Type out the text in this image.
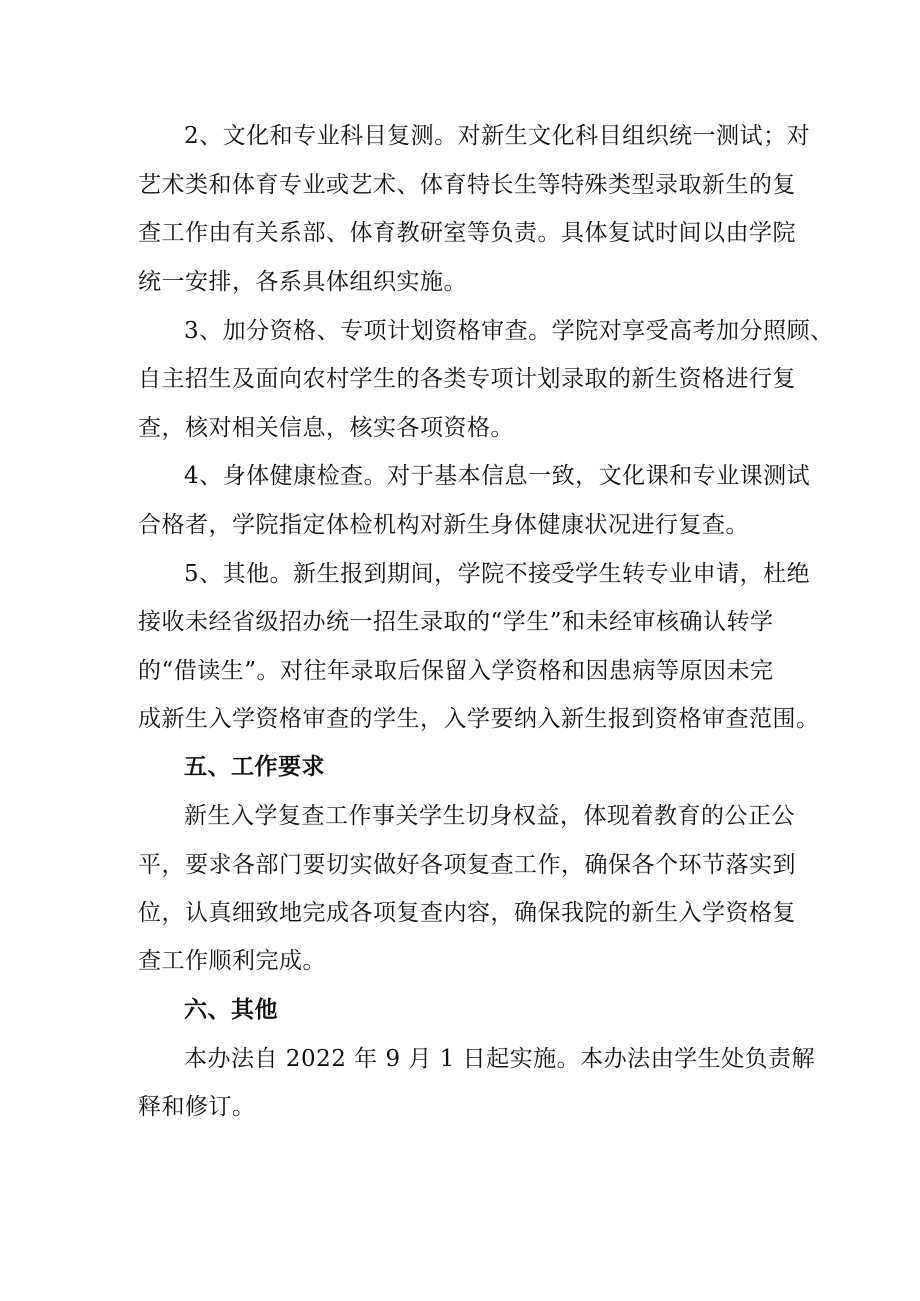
2、文化和专业科目复测。对新生文化科目组织统一测试；对
艺术类和体育专业或艺术、体育特长生等特殊类型录取新生的复
查工作由有关系部、体育教研室等负责。具体复试时间以由学院
统一安排，各系具体组织实施。
3、加分资格、专项计划资格审查。学院对享受高考加分照顾、
自主招生及面向农村学生的各类专项计划录取的新生资格进行复
查，核对相关信息，核实各项资格。
4、身体健康检查。对于基本信息一致，文化课和专业课测试
合格者，学院指定体检机构对新生身体健康状况进行复查。
5、其他。新生报到期间，学院不接受学生转专业申请，杜绝
接收未经省级招办统一招生录取的“学生”和未经审核确认转学
的“借读生”。对往年录取后保留入学资格和因患病等原因未完
成新生入学资格审查的学生，入学要纳入新生报到资格审查范围。
五、工作要求
新生入学复查工作事关学生切身权益，体现着教育的公正公
平，要求各部门要切实做好各项复查工作，确保各个环节落实到
位，认真细致地完成各项复查内容，确保我院的新生入学资格复
查工作顺利完成。
六、其他
本办法自 2022 年 9 月 1 日起实施。本办法由学生处负责解
释和修订。
